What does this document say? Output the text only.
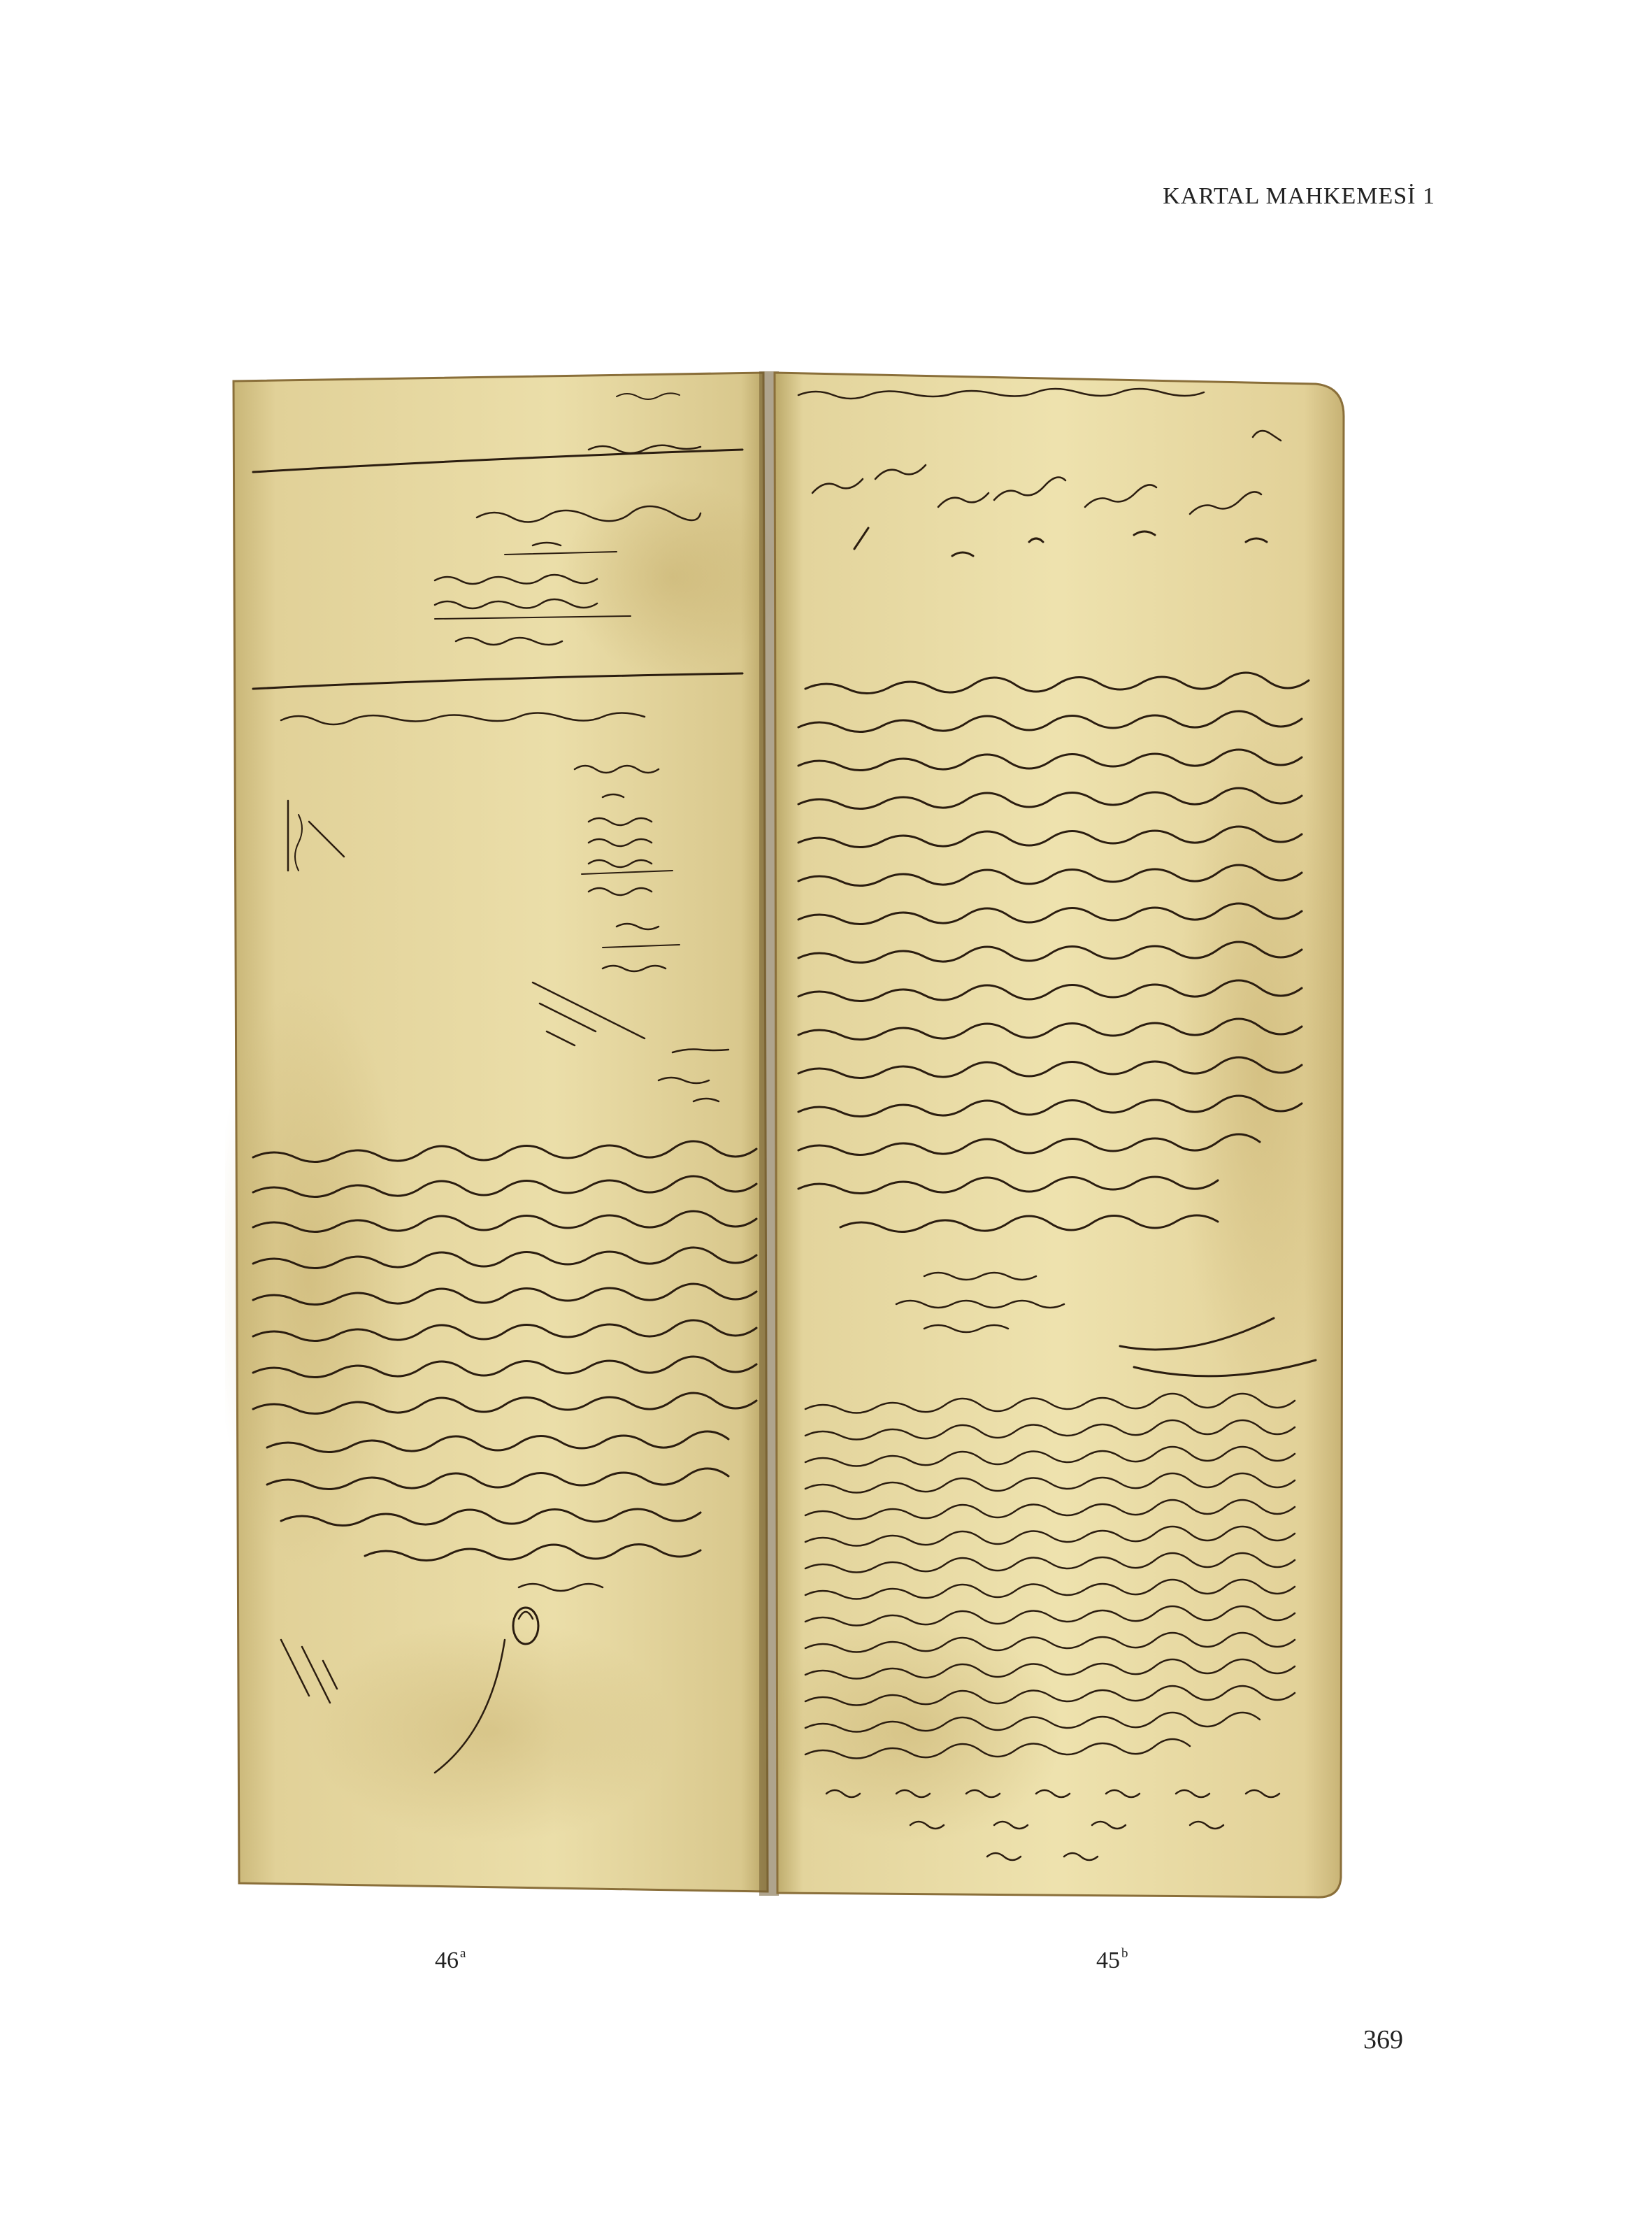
KARTAL MAHKEMESİ 1
46 $^a$	45 $^b$
369
